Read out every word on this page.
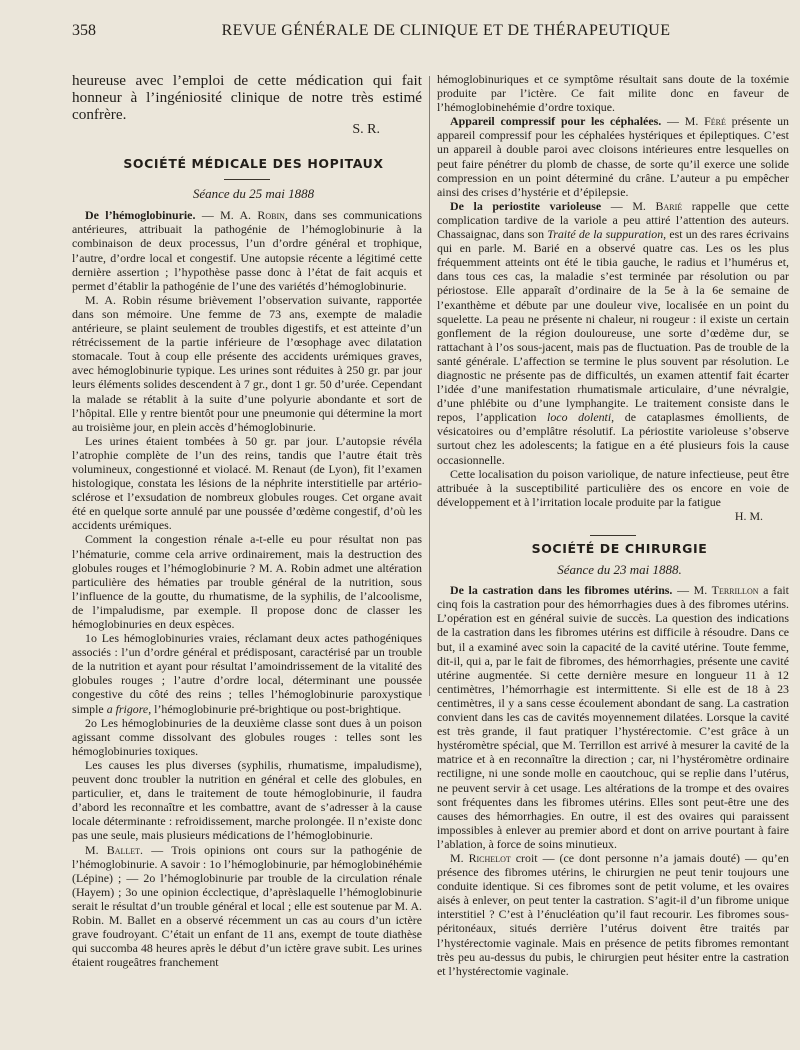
358	REVUE GÉNÉRALE DE CLINIQUE ET DE THÉRAPEUTIQUE

heureuse avec l’emploi de cette médication qui fait honneur à l’ingéniosité clinique de notre très estimé confrère.

S. R.

SOCIÉTÉ MÉDICALE DES HOPITAUX

Séance du 25 mai 1888

De l’hémoglobinurie. — M. A. Robin, dans ses communications antérieures, attribuait la pathogénie de l’hémoglobinurie à la combinaison de deux processus, l’un d’ordre général et trophique, l’autre, d’ordre local et congestif. Une autopsie récente a légitimé cette dernière assertion ; l’hypothèse passe donc à l’état de fait acquis et permet d’établir la pathogénie de l’une des variétés d’hémoglobinurie.

M. A. Robin résume brièvement l’observation suivante, rapportée dans son mémoire. Une femme de 73 ans, exempte de maladie antérieure, se plaint seulement de troubles digestifs, et est atteinte d’un rétrécissement de la partie inférieure de l’œsophage avec dilatation stomacale. Tout à coup elle présente des accidents urémiques graves, avec hémoglobinurie typique. Les urines sont réduites à 250 gr. par jour leurs éléments solides descendent à 7 gr., dont 1 gr. 50 d’urée. Cependant la malade se rétablit à la suite d’une polyurie abondante et sort de l’hôpital. Elle y rentre bientôt pour une pneumonie qui détermine la mort au troisième jour, en plein accès d’hémoglobinurie.

Les urines étaient tombées à 50 gr. par jour. L’autopsie révéla l’atrophie complète de l’un des reins, tandis que l’autre était très volumineux, congestionné et violacé. M. Renaut (de Lyon), fit l’examen histologique, constata les lésions de la néphrite interstitielle par artério-sclérose et l’exsudation de nombreux globules rouges. Cet organe avait été en quelque sorte annulé par une poussée d’œdème congestif, d’où les accidents urémiques.

Comment la congestion rénale a-t-elle eu pour résultat non pas l’hématurie, comme cela arrive ordinairement, mais la destruction des globules rouges et l’hémoglobinurie ? M. A. Robin admet une altération particulière des hématies par trouble général de la nutrition, sous l’influence de la goutte, du rhumatisme, de la syphilis, de l’alcoolisme, de l’impaludisme, par exemple. Il propose donc de classer les hémoglobinuries en deux espèces.

1o Les hémoglobinuries vraies, réclamant deux actes pathogéniques associés : l’un d’ordre général et prédisposant, caractérisé par un trouble de la nutrition et ayant pour résultat l’amoindrissement de la vitalité des globules rouges ; l’autre d’ordre local, déterminant une poussée congestive du côté des reins ; telles l’hémoglobinurie paroxystique simple a frigore, l’hémoglobinurie pré-brightique ou post-brightique.

2o Les hémoglobinuries de la deuxième classe sont dues à un poison agissant comme dissolvant des globules rouges : telles sont les hémoglobinuries toxiques.

Les causes les plus diverses (syphilis, rhumatisme, impaludisme), peuvent donc troubler la nutrition en général et celle des globules, en particulier, et, dans le traitement de toute hémoglobinurie, il faudra d’abord les reconnaître et les combattre, avant de s’adresser à la cause locale déterminante : refroidissement, marche prolongée. Il n’existe donc pas une seule, mais plusieurs médications de l’hémoglobinurie.

M. Ballet. — Trois opinions ont cours sur la pathogénie de l’hémoglobinurie. A savoir : 1o l’hémoglobinurie, par hémoglobinéhémie (Lépine) ; — 2o l’hémoglobinurie par trouble de la circulation rénale (Hayem) ; 3o une opinion écclectique, d’aprèslaquelle l’hémoglobinurie serait le résultat d’un trouble général et local ; elle est soutenue par M. A. Robin. M. Ballet en a observé récemment un cas au cours d’un ictère grave foudroyant. C’était un enfant de 11 ans, exempt de toute diathèse qui succomba 48 heures après le début d’un ictère grave subit. Les urines étaient rougeâtres franchement

hémoglobinuriques et ce symptôme résultait sans doute de la toxémie produite par l’ictère. Ce fait milite donc en faveur de l’hémoglobinehémie d’ordre toxique.

Appareil compressif pour les céphalées. — M. Féré présente un appareil compressif pour les céphalées hystériques et épileptiques. C’est un appareil à double paroi avec cloisons intérieures entre lesquelles on peut faire pénétrer du plomb de chasse, de sorte qu’il exerce une solide compression en un point déterminé du crâne. L’auteur a pu empêcher ainsi des crises d’hystérie et d’épilepsie.

De la periostite varioleuse — M. Barié rappelle que cette complication tardive de la variole a peu attiré l’attention des auteurs. Chassaignac, dans son Traité de la suppuration, est un des rares écrivains qui en parle. M. Barié en a observé quatre cas. Les os les plus fréquemment atteints ont été le tibia gauche, le radius et l’humérus et, dans tous ces cas, la maladie s’est terminée par résolution ou par périostose. Elle apparaît d’ordinaire de la 5e à la 6e semaine de l’exanthème et débute par une douleur vive, localisée en un point du squelette. La peau ne présente ni chaleur, ni rougeur : il existe un certain gonflement de la région douloureuse, une sorte d’œdème dur, se rattachant à l’os sous-jacent, mais pas de fluctuation. Pas de trouble de la santé générale. L’affection se termine le plus souvent par résolution. Le diagnostic ne présente pas de difficultés, un examen attentif fait écarter l’idée d’une manifestation rhumatismale articulaire, d’une névralgie, d’une phlébite ou d’une lymphangite. Le traitement consiste dans le repos, l’application loco dolenti, de cataplasmes émollients, de vésicatoires ou d’emplâtre résolutif. La périostite varioleuse s’observe surtout chez les adolescents; la fatigue en a été plusieurs fois la cause occasionnelle.

Cette localisation du poison variolique, de nature infectieuse, peut être attribuée à la susceptibilité particulière des os encore en voie de développement et à l’irritation locale produite par la fatigue

H. M.

SOCIÉTÉ DE CHIRURGIE

Séance du 23 mai 1888.

De la castration dans les fibromes utérins. — M. Terrillon a fait cinq fois la castration pour des hémorrhagies dues à des fibromes utérins. L’opération est en général suivie de succès. La question des indications de la castration dans les fibromes utérins est difficile à résoudre. Dans ce but, il a examiné avec soin la capacité de la cavité utérine. Toute femme, dit-il, qui a, par le fait de fibromes, des hémorrhagies, présente une cavité utérine augmentée. Si cette dernière mesure en longueur 11 à 12 centimètres, l’hémorrhagie est intermittente. Si elle est de 18 à 23 centimètres, il y a sans cesse écoulement abondant de sang. La castration convient dans les cas de cavités moyennement dilatées. Lorsque la cavité est très grande, il faut pratiquer l’hystérectomie. C’est grâce à un hystéromètre spécial, que M. Terrillon est arrivé à mesurer la cavité de la matrice et à en reconnaître la direction ; car, ni l’hystéromètre ordinaire rectiligne, ni une sonde molle en caoutchouc, qui se replie dans l’utérus, ne peuvent servir à cet usage. Les altérations de la trompe et des ovaires sont fréquentes dans les fibromes utérins. Elles sont peut-être une des causes des hémorrhagies. En outre, il est des ovaires qui paraissent impossibles à enlever au premier abord et dont on arrive pourtant à faire l’ablation, à force de soins minutieux.

M. Richelot croit — (ce dont personne n’a jamais douté) — qu’en présence des fibromes utérins, le chirurgien ne peut tenir toujours une conduite identique. Si ces fibromes sont de petit volume, et les ovaires aisés à enlever, on peut tenter la castration. S’agit-il d’un fibrome unique interstitiel ? C’est à l’énucléation qu’il faut recourir. Les fibromes sous-péritonéaux, situés derrière l’utérus doivent être traités par l’hystérectomie vaginale. Mais en présence de petits fibromes remontant très peu au-dessus du pubis, le chirurgien peut hésiter entre la castration et l’hystérectomie vaginale.
